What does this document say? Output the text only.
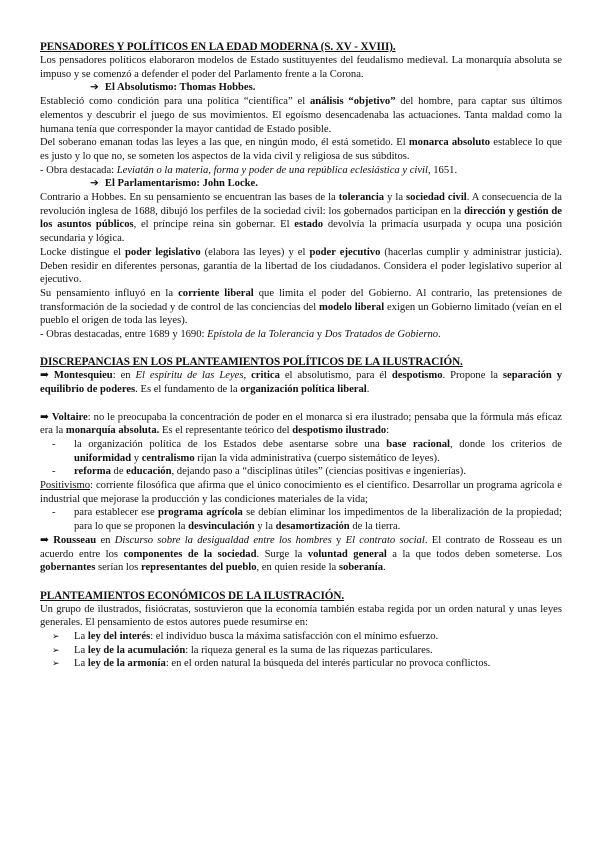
PENSADORES Y POLÍTICOS EN LA EDAD MODERNA (S. XV - XVIII).

Los pensadores políticos elaboraron modelos de Estado sustituyentes del feudalismo medieval. La monarquía absoluta se impuso y se comenzó a defender el poder del Parlamento frente a la Corona.

➔ El Absolutismo: Thomas Hobbes.

Estableció como condición para una política “científica” el análisis “objetivo” del hombre, para captar sus últimos elementos y descubrir el juego de sus movimientos. El egoísmo desencadenaba las actuaciones. Tanta maldad como la humana tenía que corresponder la mayor cantidad de Estado posible.

Del soberano emanan todas las leyes a las que, en ningún modo, él está sometido. El monarca absoluto establece lo que es justo y lo que no, se someten los aspectos de la vida civil y religiosa de sus súbditos.

- Obra destacada: Leviatán o la materia, forma y poder de una república eclesiástica y civil, 1651.

➔ El Parlamentarismo: John Locke.

Contrario a Hobbes. En su pensamiento se encuentran las bases de la tolerancia y la sociedad civil. A consecuencia de la revolución inglesa de 1688, dibujó los perfiles de la sociedad civil: los gobernados participan en la dirección y gestión de los asuntos públicos, el príncipe reina sin gobernar. El estado devolvía la primacía usurpada y ocupa una posición secundaria y lógica.

Locke distingue el poder legislativo (elabora las leyes) y el poder ejecutivo (hacerlas cumplir y administrar justicia). Deben residir en diferentes personas, garantía de la libertad de los ciudadanos. Considera el poder legislativo superior al ejecutivo.

Su pensamiento influyó en la corriente liberal que limita el poder del Gobierno. Al contrario, las pretensiones de transformación de la sociedad y de control de las conciencias del modelo liberal exigen un Gobierno limitado (veían en el pueblo el origen de toda las leyes).

- Obras destacadas, entre 1689 y 1690: Epístola de la Tolerancia y Dos Tratados de Gobierno.

DISCREPANCIAS EN LOS PLANTEAMIENTOS POLÍTICOS DE LA ILUSTRACIÓN.

➡ Montesquieu: en El espíritu de las Leyes, critica el absolutismo, para él despotismo. Propone la separación y equilibrio de poderes. Es el fundamento de la organización política liberal.

➡ Voltaire: no le preocupaba la concentración de poder en el monarca si era ilustrado; pensaba que la fórmula más eficaz era la monarquía absoluta. Es el representante teórico del despotismo ilustrado:

- la organización política de los Estados debe asentarse sobre una base racional, donde los criterios de uniformidad y centralismo rijan la vida administrativa (cuerpo sistemático de leyes).
- reforma de educación, dejando paso a “disciplinas útiles” (ciencias positivas e ingenierías).

Positivismo: corriente filosófica que afirma que el único conocimiento es el científico. Desarrollar un programa agrícola e industrial que mejorase la producción y las condiciones materiales de la vida;

- para establecer ese programa agrícola se debían eliminar los impedimentos de la liberalización de la propiedad; para lo que se proponen la desvinculación y la desamortización de la tierra.

➡ Rousseau en Discurso sobre la desigualdad entre los hombres y El contrato social. El contrato de Rosseau es un acuerdo entre los componentes de la sociedad. Surge la voluntad general a la que todos deben someterse. Los gobernantes serían los representantes del pueblo, en quien reside la soberanía.

PLANTEAMIENTOS ECONÓMICOS DE LA ILUSTRACIÓN.

Un grupo de ilustrados, fisiócratas, sostuvieron que la economía también estaba regida por un orden natural y unas leyes generales. El pensamiento de estos autores puede resumirse en:

➢ La ley del interés: el individuo busca la máxima satisfacción con el mínimo esfuerzo.
➢ La ley de la acumulación: la riqueza general es la suma de las riquezas particulares.
➢ La ley de la armonía: en el orden natural la búsqueda del interés particular no provoca conflictos.
